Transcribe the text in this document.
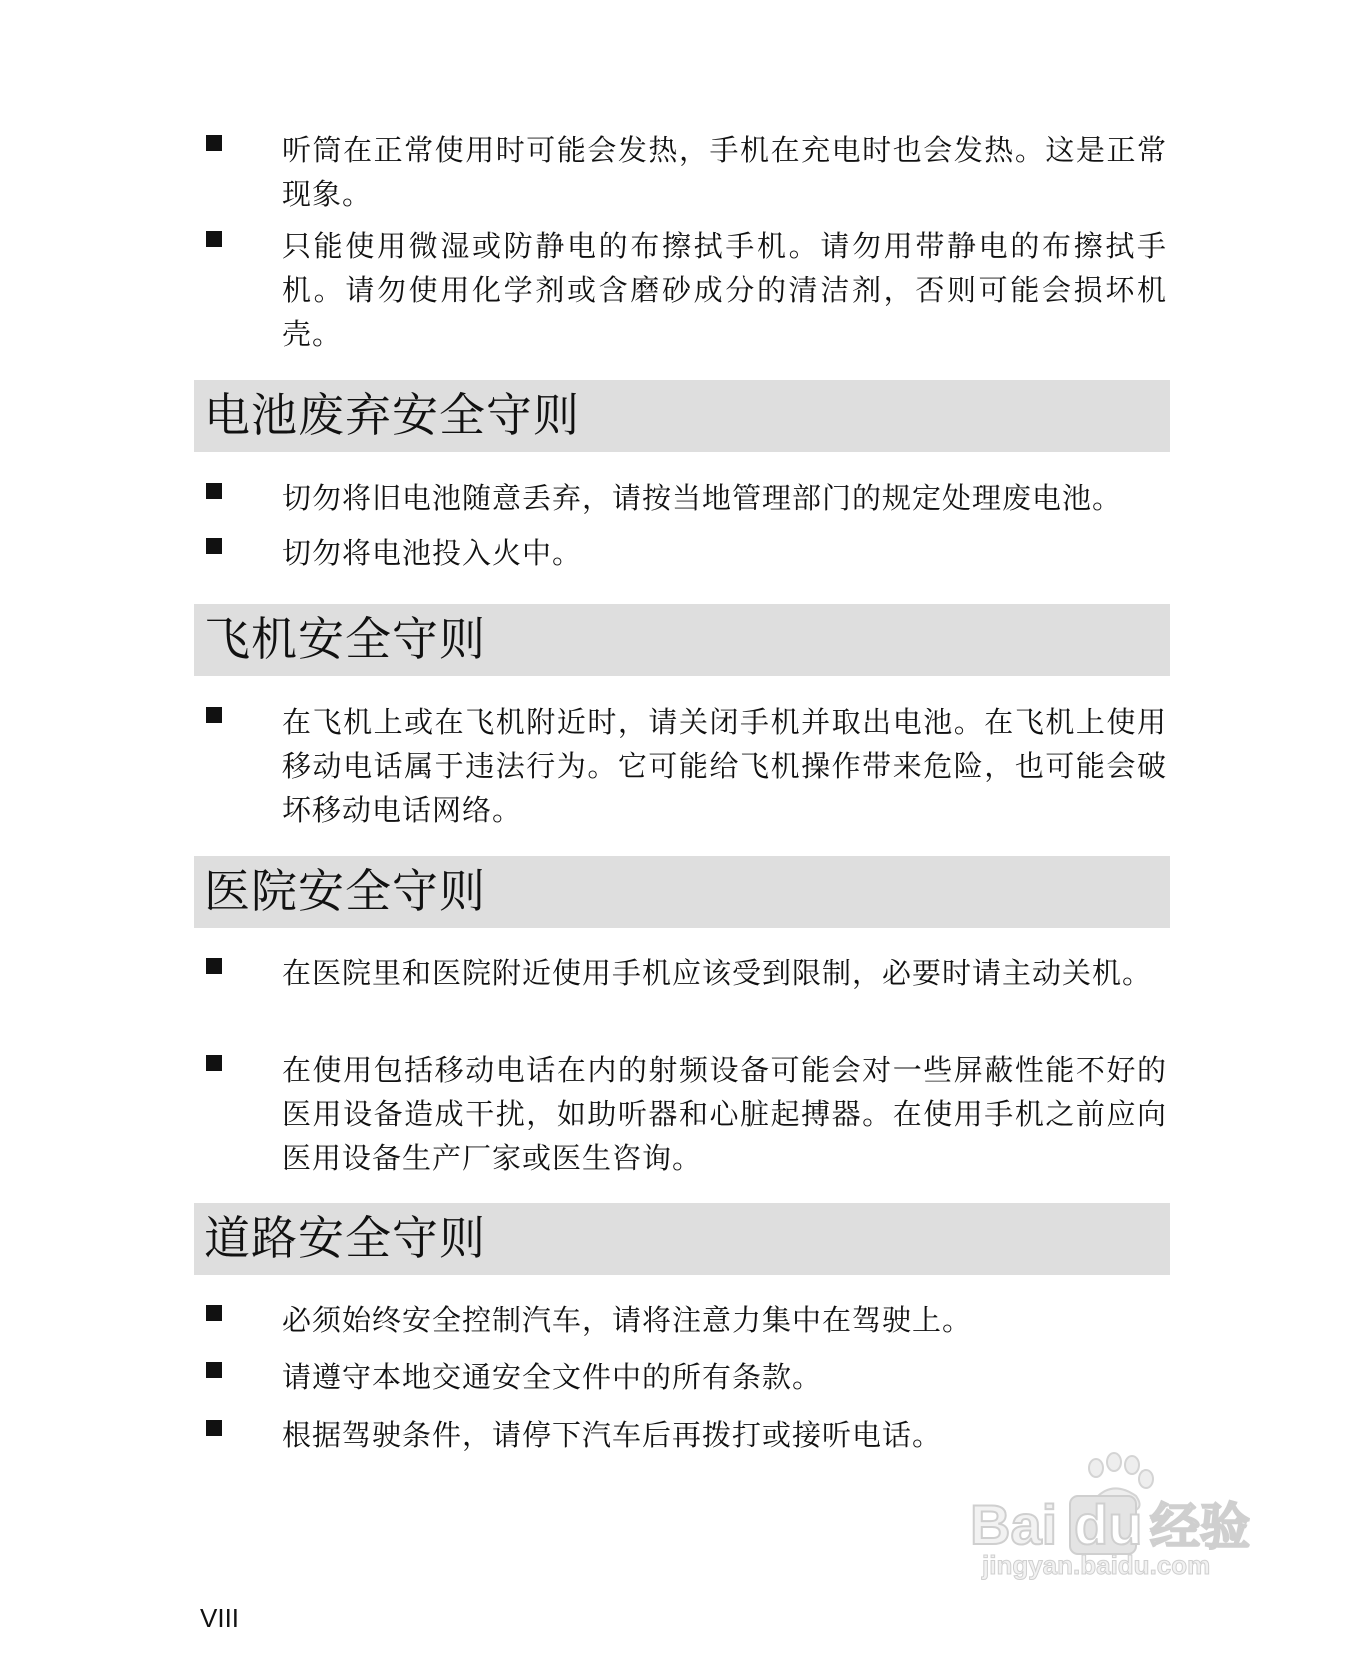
听筒在正常使用时可能会发热，手机在充电时也会发热。这是正常现象。
只能使用微湿或防静电的布擦拭手机。请勿用带静电的布擦拭手机。请勿使用化学剂或含磨砂成分的清洁剂，否则可能会损坏机壳。
电池废弃安全守则
切勿将旧电池随意丢弃，请按当地管理部门的规定处理废电池。
切勿将电池投入火中。
飞机安全守则
在飞机上或在飞机附近时，请关闭手机并取出电池。在飞机上使用移动电话属于违法行为。它可能给飞机操作带来危险，也可能会破坏移动电话网络。
医院安全守则
在医院里和医院附近使用手机应该受到限制，必要时请主动关机。
在使用包括移动电话在内的射频设备可能会对一些屏蔽性能不好的医用设备造成干扰，如助听器和心脏起搏器。在使用手机之前应向医用设备生产厂家或医生咨询。
道路安全守则
必须始终安全控制汽车，请将注意力集中在驾驶上。
请遵守本地交通安全文件中的所有条款。
根据驾驶条件，请停下汽车后再拨打或接听电话。
VIII
Bai du 经验
jingyan.baidu.com
